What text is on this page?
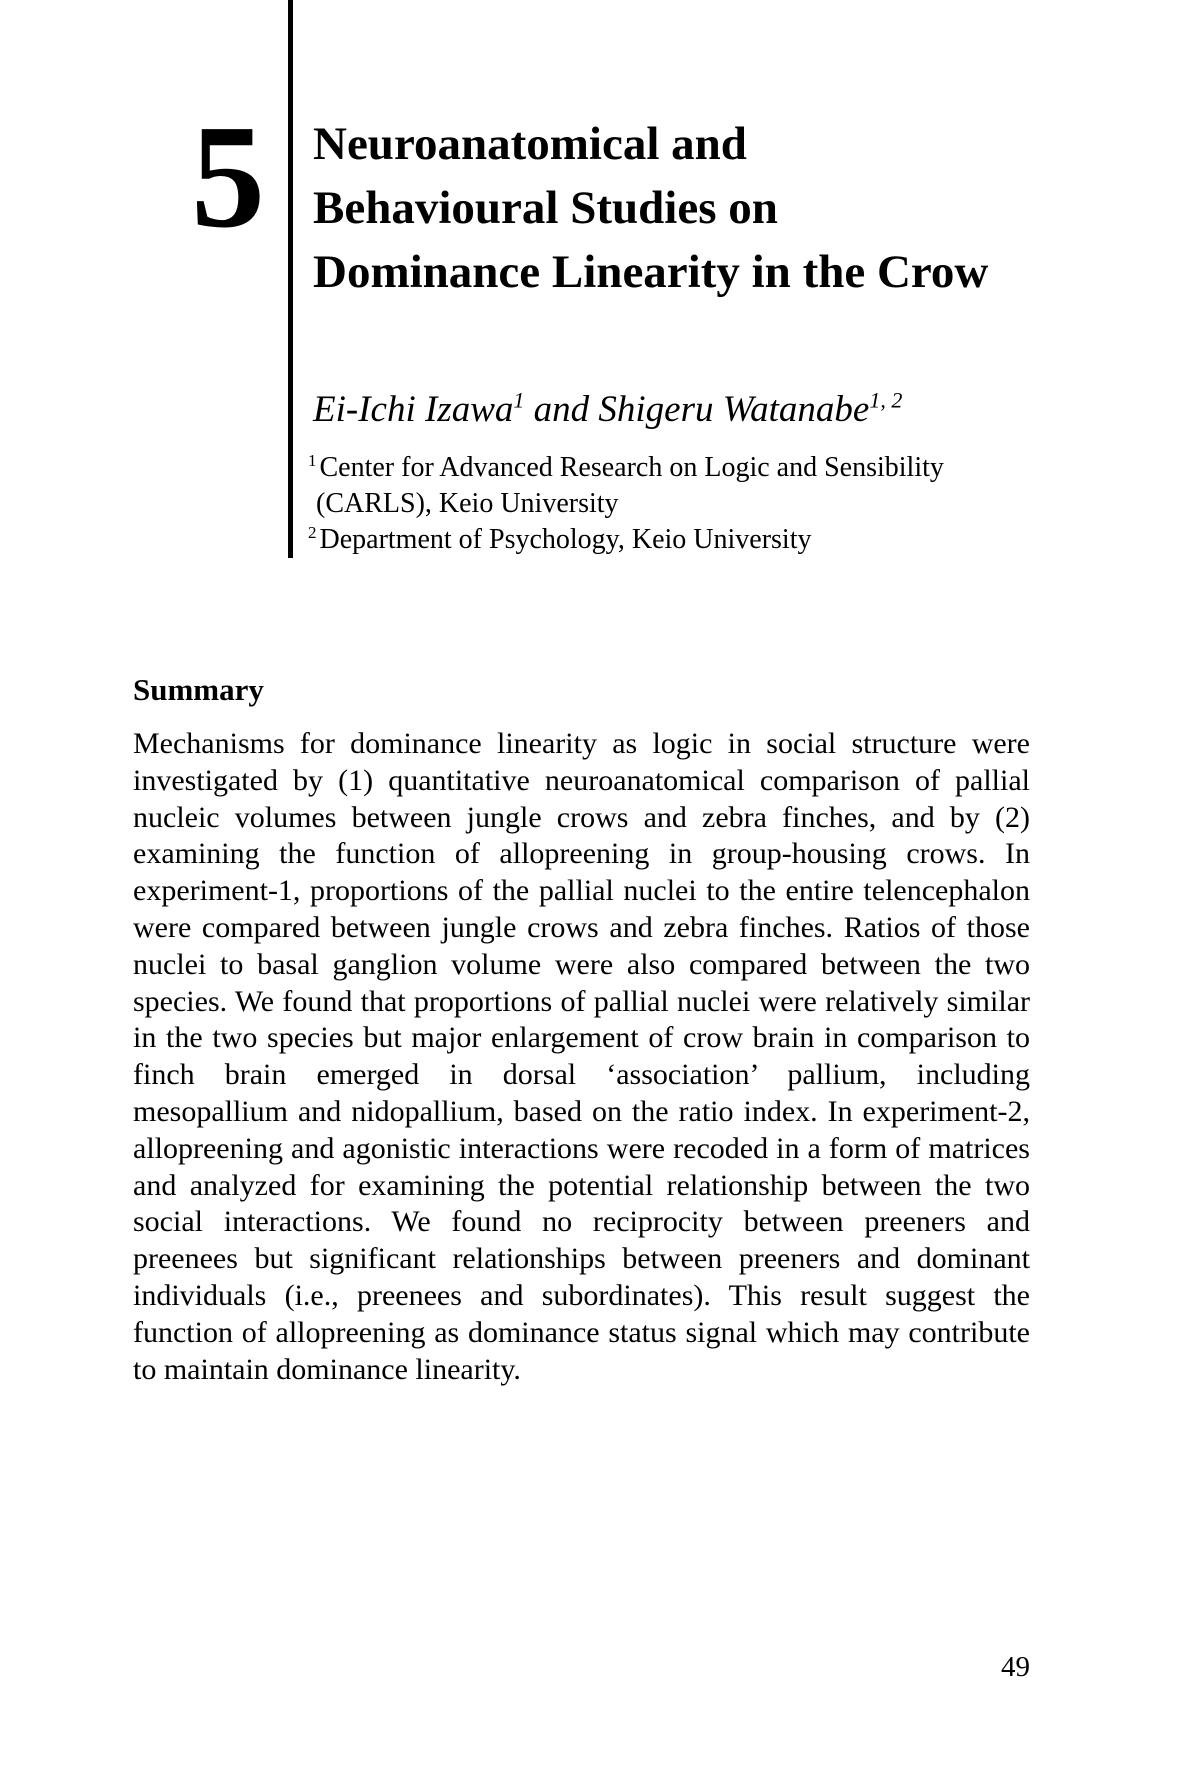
5 Neuroanatomical and
Behavioural Studies on
Dominance Linearity in the Crow
Ei-Ichi Izawa$^1$ and Shigeru Watanabe$^{1, 2}$
$^1$ Center for Advanced Research on Logic and Sensibility
(CARLS), Keio University
$^2$ Department of Psychology, Keio University
Summary
Mechanisms for dominance linearity as logic in social structure were investigated by (1) quantitative neuroanatomical comparison of pallial nucleic volumes between jungle crows and zebra finches, and by (2) examining the function of allopreening in group-housing crows. In experiment-1, proportions of the pallial nuclei to the entire telencephalon were compared between jungle crows and zebra finches. Ratios of those nuclei to basal ganglion volume were also compared between the two species. We found that proportions of pallial nuclei were relatively similar in the two species but major enlargement of crow brain in comparison to finch brain emerged in dorsal ‘association’ pallium, including mesopallium and nidopallium, based on the ratio index. In experiment-2, allopreening and agonistic interactions were recoded in a form of matrices and analyzed for examining the potential relationship between the two social interactions. We found no reciprocity between preeners and preenees but significant relationships between preeners and dominant individuals (i.e., preenees and subordinates). This result suggest the function of allopreening as dominance status signal which may contribute to maintain dominance linearity.
49
